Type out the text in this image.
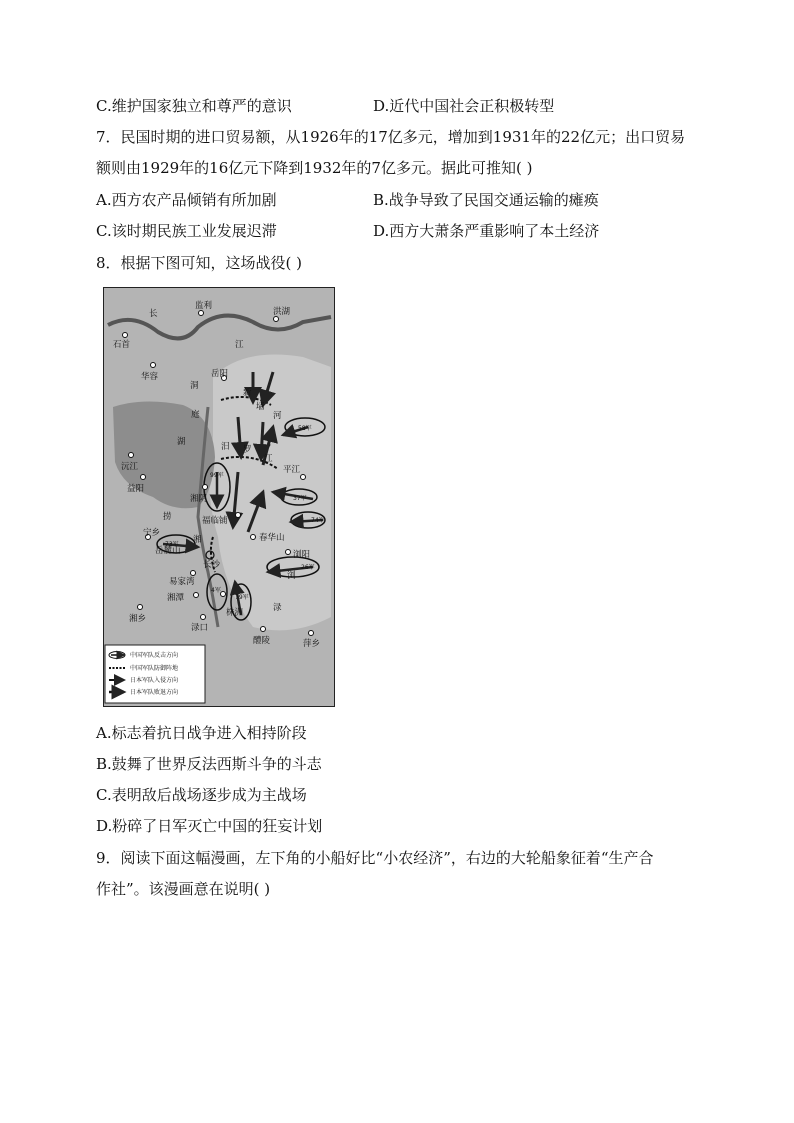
C.维护国家独立和尊严的意识	D.近代中国社会正积极转型
7．民国时期的进口贸易额，从1926年的17亿多元，增加到1931年的22亿元；出口贸易
额则由1929年的16亿元下降到1932年的7亿多元。据此可推知( )
A.西方农产品倾销有所加剧	B.战争导致了民国交通运输的瘫痪
C.该时期民族工业发展迟滞	D.西方大萧条严重影响了本土经济
8．根据下图可知，这场战役( )
58军
37军
74军
99军
73军
26军
4军
79军
监利
洪湖
石首
华容	岳阳
沅江
益阳
平江
湘阴
福临铺
宁乡
岳麓山
长沙
春华山
浏阳
易家湾
湘潭
株洲
湘乡
渌口
醴陵	萍乡
长
江
洞
庭
湖
新
墙
河
汨 罗
江
捞
湘
浏
渌
中国军队反击方向
中国军队防御阵地
日本军队入侵方向
日本军队败退方向
A.标志着抗日战争进入相持阶段
B.鼓舞了世界反法西斯斗争的斗志
C.表明敌后战场逐步成为主战场
D.粉碎了日军灭亡中国的狂妄计划
9．阅读下面这幅漫画，左下角的小船好比“小农经济”，右边的大轮船象征着“生产合
作社”。该漫画意在说明( )
